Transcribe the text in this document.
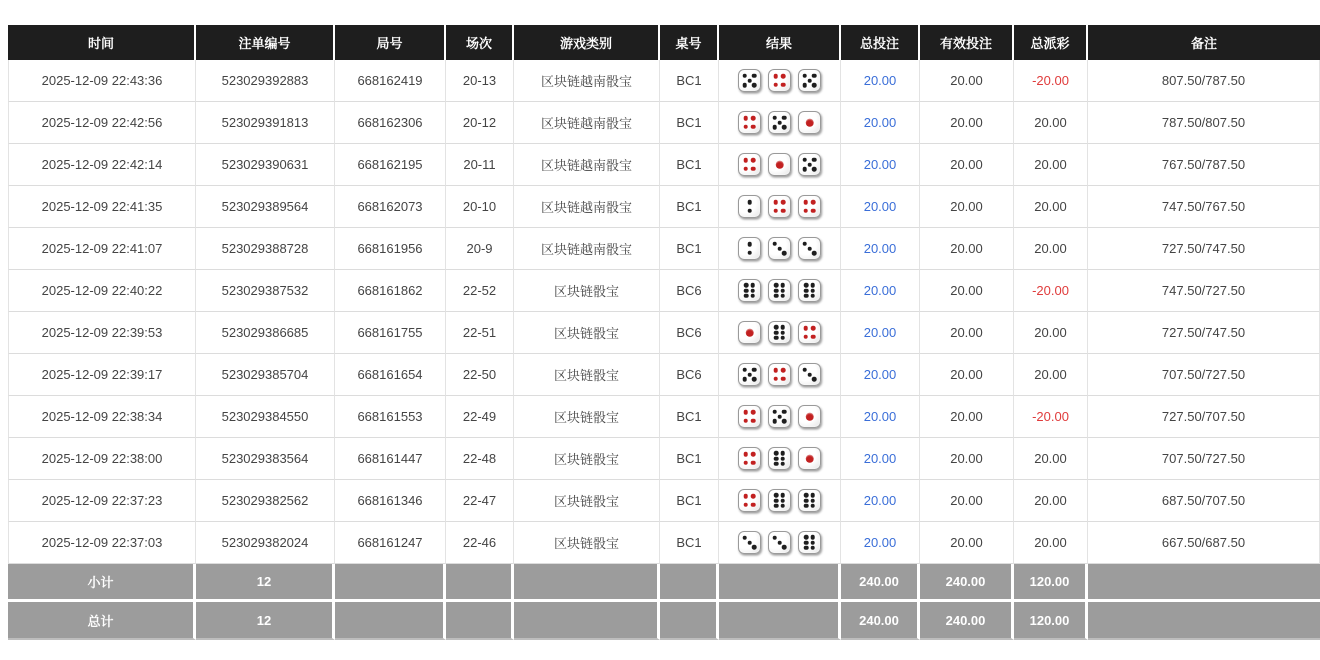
时间	注单编号	局号	场次	游戏类别	桌号	结果	总投注	有效投注	总派彩	备注
2025-12-09 22:43:36	523029392883	668162419	20-13	区块链越南骰宝	BC1		20.00	20.00	-20.00	807.50/787.50
2025-12-09 22:42:56	523029391813	668162306	20-12	区块链越南骰宝	BC1		20.00	20.00	20.00	787.50/807.50
2025-12-09 22:42:14	523029390631	668162195	20-11	区块链越南骰宝	BC1		20.00	20.00	20.00	767.50/787.50
2025-12-09 22:41:35	523029389564	668162073	20-10	区块链越南骰宝	BC1		20.00	20.00	20.00	747.50/767.50
2025-12-09 22:41:07	523029388728	668161956	20-9	区块链越南骰宝	BC1		20.00	20.00	20.00	727.50/747.50
2025-12-09 22:40:22	523029387532	668161862	22-52	区块链骰宝	BC6		20.00	20.00	-20.00	747.50/727.50
2025-12-09 22:39:53	523029386685	668161755	22-51	区块链骰宝	BC6		20.00	20.00	20.00	727.50/747.50
2025-12-09 22:39:17	523029385704	668161654	22-50	区块链骰宝	BC6		20.00	20.00	20.00	707.50/727.50
2025-12-09 22:38:34	523029384550	668161553	22-49	区块链骰宝	BC1		20.00	20.00	-20.00	727.50/707.50
2025-12-09 22:38:00	523029383564	668161447	22-48	区块链骰宝	BC1		20.00	20.00	20.00	707.50/727.50
2025-12-09 22:37:23	523029382562	668161346	22-47	区块链骰宝	BC1		20.00	20.00	20.00	687.50/707.50
2025-12-09 22:37:03	523029382024	668161247	22-46	区块链骰宝	BC1		20.00	20.00	20.00	667.50/687.50
小计	12						240.00	240.00	120.00	
总计	12						240.00	240.00	120.00	
